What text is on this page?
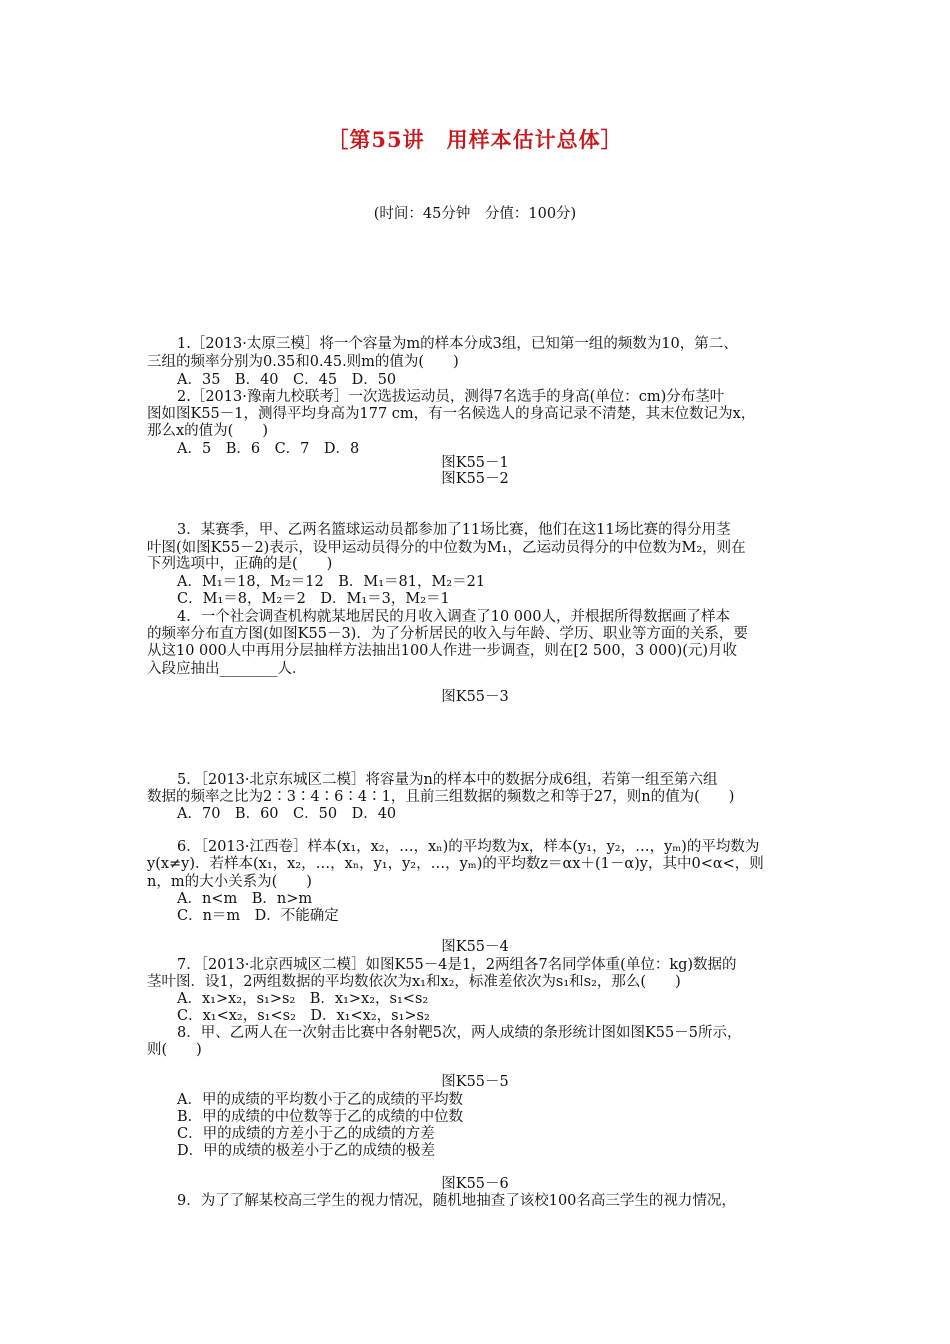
［第55讲　用样本估计总体］
(时间：45分钟　分值：100分)
1.［2013·太原三模］将一个容量为m的样本分成3组，已知第一组的频数为10，第二、
三组的频率分别为0.35和0.45.则m的值为(　　)
A．35　B．40　C．45　D．50
2.［2013·豫南九校联考］一次选拔运动员，测得7名选手的身高(单位：cm)分布茎叶
图如图K55－1，测得平均身高为177 cm，有一名候选人的身高记录不清楚，其末位数记为x，
那么x的值为(　　)
A．5　B．6　C．7　D．8
图K55－1
图K55－2
3．某赛季，甲、乙两名篮球运动员都参加了11场比赛，他们在这11场比赛的得分用茎
叶图(如图K55－2)表示，设甲运动员得分的中位数为M₁，乙运动员得分的中位数为M₂，则在
下列选项中，正确的是(　　)
A．M₁＝18，M₂＝12　B．M₁＝81，M₂＝21
C．M₁＝8，M₂＝2　D．M₁＝3，M₂＝1
4．一个社会调查机构就某地居民的月收入调查了10 000人，并根据所得数据画了样本
的频率分布直方图(如图K55－3)．为了分析居民的收入与年龄、学历、职业等方面的关系，要
从这10 000人中再用分层抽样方法抽出100人作进一步调查，则在[2 500，3 000)(元)月收
入段应抽出________人．
图K55－3
5．［2013·北京东城区二模］将容量为n的样本中的数据分成6组，若第一组至第六组
数据的频率之比为2∶3∶4∶6∶4∶1，且前三组数据的频数之和等于27，则n的值为(　　)
A．70　B．60　C．50　D．40
6．［2013·江西卷］样本(x₁，x₂，…，xₙ)的平均数为x，样本(y₁，y₂，…，yₘ)的平均数为
y(x≠y)．若样本(x₁，x₂，…，xₙ，y₁，y₂，…，yₘ)的平均数z＝αx＋(1－α)y，其中0<α<，则
n，m的大小关系为(　　)
A．n<m　B．n>m
C．n＝m　D．不能确定
图K55－4
7．［2013·北京西城区二模］如图K55－4是1，2两组各7名同学体重(单位：kg)数据的
茎叶图．设1，2两组数据的平均数依次为x₁和x₂，标准差依次为s₁和s₂，那么(　　)
A．x₁>x₂，s₁>s₂　B．x₁>x₂，s₁<s₂
C．x₁<x₂，s₁<s₂　D．x₁<x₂，s₁>s₂
8．甲、乙两人在一次射击比赛中各射靶5次，两人成绩的条形统计图如图K55－5所示，
则(　　)
图K55－5
A．甲的成绩的平均数小于乙的成绩的平均数
B．甲的成绩的中位数等于乙的成绩的中位数
C．甲的成绩的方差小于乙的成绩的方差
D．甲的成绩的极差小于乙的成绩的极差
图K55－6
9．为了了解某校高三学生的视力情况，随机地抽查了该校100名高三学生的视力情况，
